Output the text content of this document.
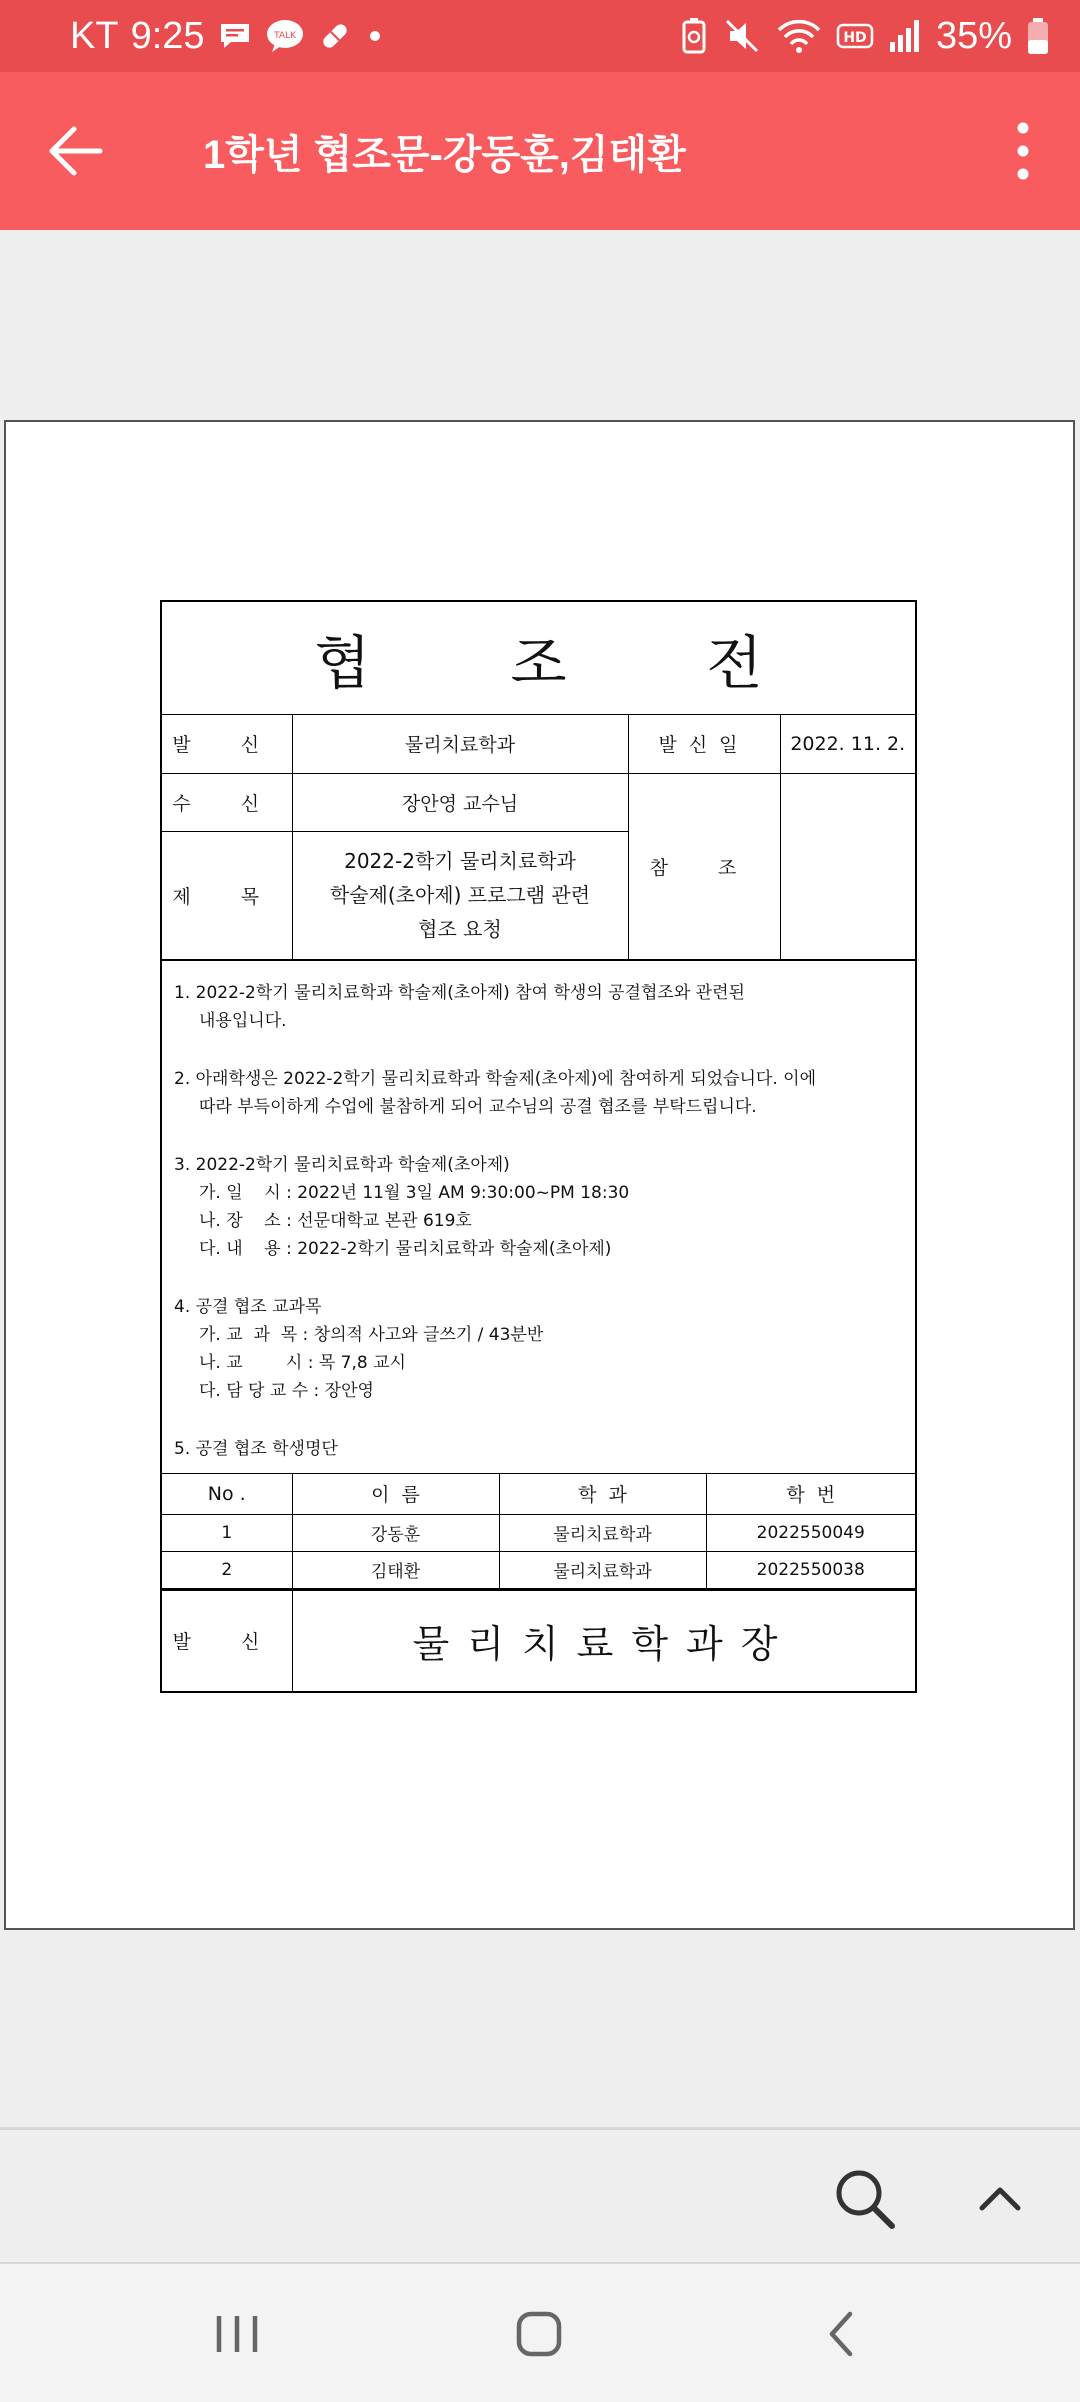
KT 9:25	TALK	HD 35%
1학년 협조문-강동훈,김태환
협 조 전
발 신	물리치료학과	발신일	2022. 11. 2.
수 신	장안영 교수님	참 조	
제 목	2022-2학기 물리치료학과
학술제(초아제) 프로그램 관련
협조 요청		

1. 2022-2학기 물리치료학과 학술제(초아제) 참여 학생의 공결협조와 관련된

내용입니다.

2. 아래학생은 2022-2학기 물리치료학과 학술제(초아제)에 참여하게 되었습니다. 이에

따라 부득이하게 수업에 불참하게 되어 교수님의 공결 협조를 부탁드립니다.

3. 2022-2학기 물리치료학과 학술제(초아제)

가. 일    시 : 2022년 11월 3일 AM 9:30:00~PM 18:30

나. 장    소 : 선문대학교 본관 619호

다. 내    용 : 2022-2학기 물리치료학과 학술제(초아제)

4. 공결 협조 교과목

가. 교  과  목 : 창의적 사고와 글쓰기 / 43분반

나. 교        시 : 목 7,8 교시

다. 담 당 교 수 : 장안영

5. 공결 협조 학생명단

No .	이  름	학  과	학  번
1	강동훈	물리치료학과	2022550049
2	김태환	물리치료학과	2022550038
발 신	물리치료학과장
